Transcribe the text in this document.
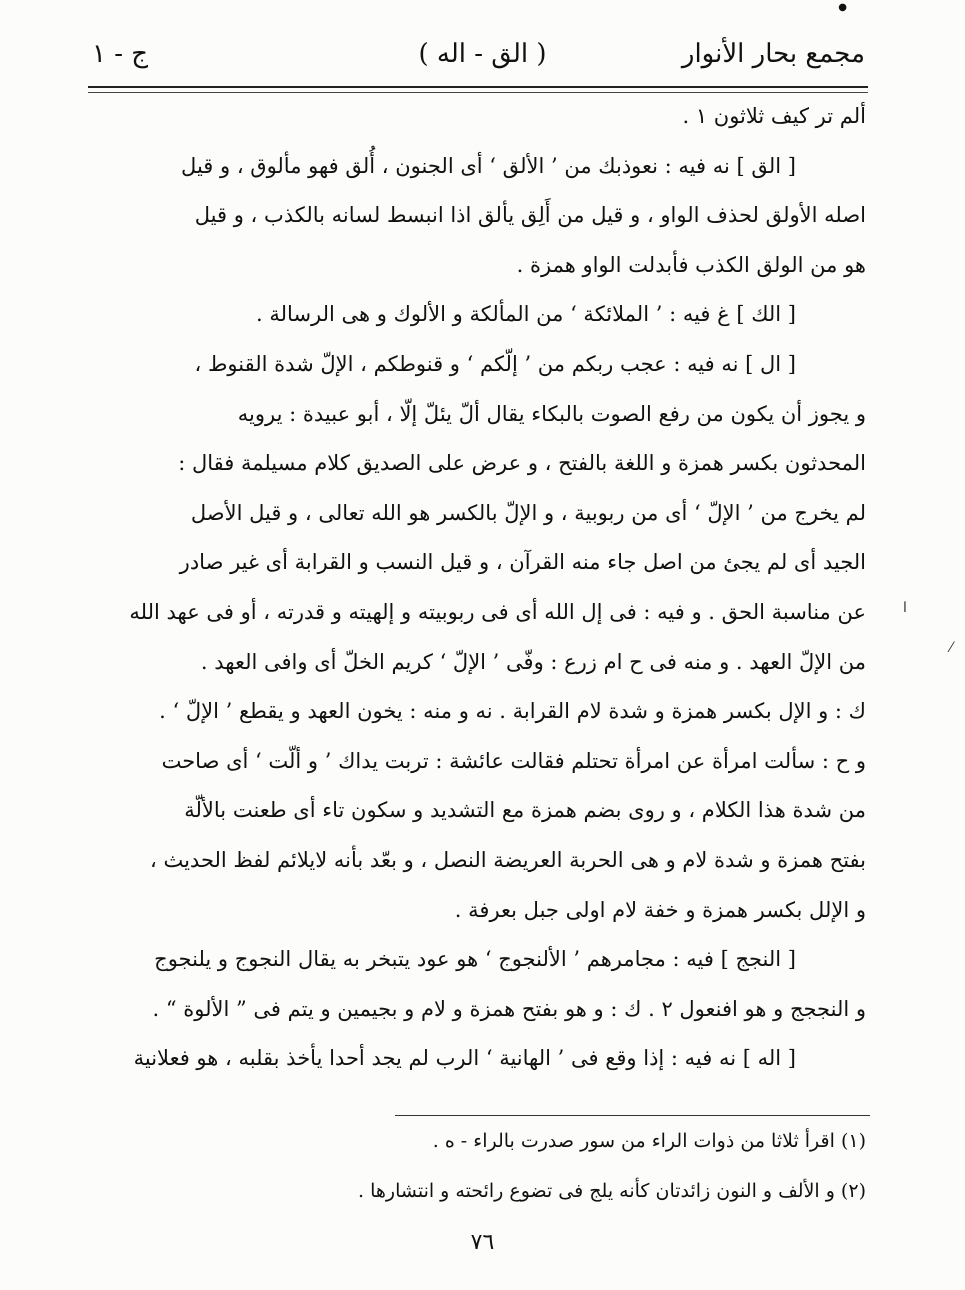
●
مجمع بحار الأنوار
( الق - اله )
ج - ١
ألم تر كيف ثلاثون ١ .
[ الق ] نه فيه : نعوذبك من ’ الألق ‘ أى الجنون ، أُلق فهو مألوق ، و قيل
اصله الأولق لحذف الواو ، و قيل من أَلِق يألق اذا انبسط لسانه بالكذب ، و قيل
هو من الولق الكذب فأبدلت الواو همزة .
[ الك ] غ فيه : ’ الملائكة ‘ من المألكة و الألوك و هى الرسالة .
[ ال ] نه فيه : عجب ربكم من ’ إلّكم ‘ و قنوطكم ، الإلّ شدة القنوط ،
و يجوز أن يكون من رفع الصوت بالبكاء يقال ألّ يئلّ إلّا ، أبو عبيدة : يرويه
المحدثون بكسر همزة و اللغة بالفتح ، و عرض على الصديق كلام مسيلمة فقال :
لم يخرج من ’ الإلّ ‘ أى من ربوبية ، و الإلّ بالكسر هو الله تعالى ، و قيل الأصل
الجيد أى لم يجئ من اصل جاء منه القرآن ، و قيل النسب و القرابة أى غير صادر
عن مناسبة الحق . و فيه : فى إل الله أى فى ربوبيته و إلهيته و قدرته ، أو فى عهد الله
من الإلّ العهد . و منه فى ح ام زرع : وفّى ’ الإلّ ‘ كريم الخلّ أى وافى العهد .
ك : و الإل بكسر همزة و شدة لام القرابة . نه و منه : يخون العهد و يقطع ’ الإلّ ‘ .
و ح : سألت امرأة عن امرأة تحتلم فقالت عائشة : تربت يداك ’ و ألّت ‘ أى صاحت
من شدة هذا الكلام ، و روى بضم همزة مع التشديد و سكون تاء أى طعنت بالألّة
بفتح همزة و شدة لام و هى الحربة العريضة النصل ، و بعّد بأنه لايلائم لفظ الحديث ،
و الإلل بكسر همزة و خفة لام اولى جبل بعرفة .
[ النجج ] فيه : مجامرهم ’ الألنجوج ‘ هو عود يتبخر به يقال النجوج و يلنجوج
و النججج و هو افنعول ٢ . ك : و هو بفتح همزة و لام و بجيمين و يتم فى ” الألوة “ .
[ اله ] نه فيه : إذا وقع فى ’ الهانية ‘ الرب لم يجد أحدا يأخذ بقلبه ، هو فعلانية
(١) اقرأ ثلاثا من ذوات الراء من سور صدرت بالراء - ه .
(٢) و الألف و النون زائدتان كأنه يلج فى تضوع رائحته و انتشارها .
٧٦
ا
⁄
